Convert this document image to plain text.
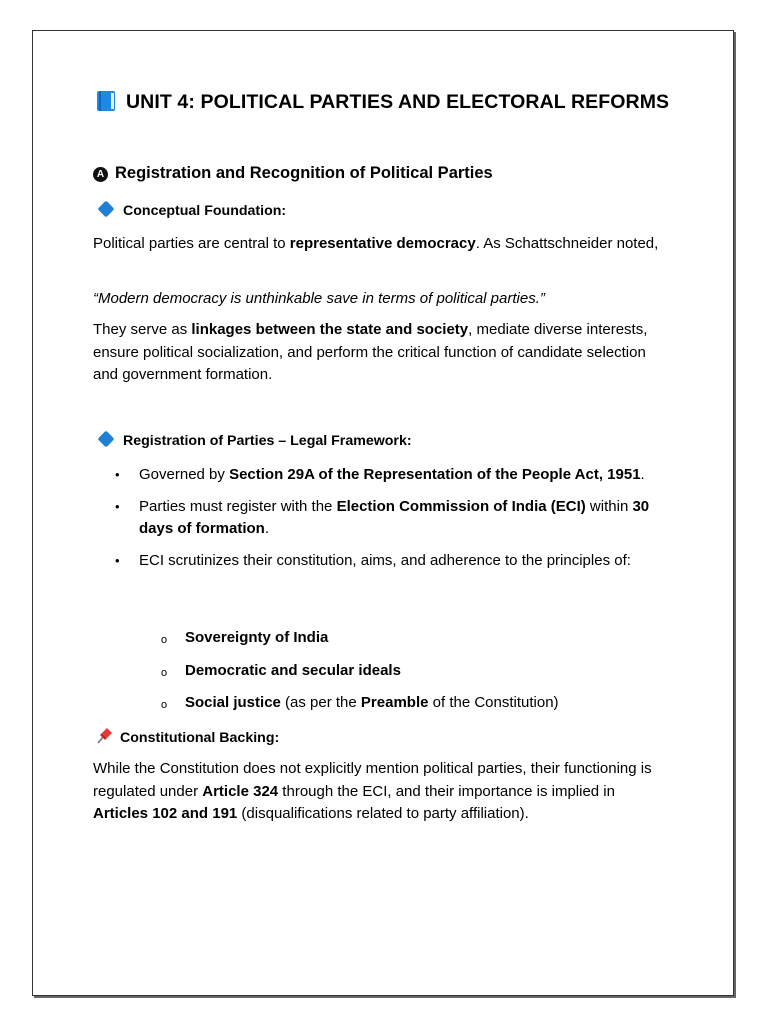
UNIT 4: POLITICAL PARTIES AND ELECTORAL REFORMS
A Registration and Recognition of Political Parties
Conceptual Foundation:
Political parties are central to representative democracy. As Schattschneider noted,
“Modern democracy is unthinkable save in terms of political parties.”
They serve as linkages between the state and society, mediate diverse interests, ensure political socialization, and perform the critical function of candidate selection and government formation.
Registration of Parties – Legal Framework:
• Governed by Section 29A of the Representation of the People Act, 1951.
• Parties must register with the Election Commission of India (ECI) within 30 days of formation.
• ECI scrutinizes their constitution, aims, and adherence to the principles of:
o Sovereignty of India
o Democratic and secular ideals
o Social justice (as per the Preamble of the Constitution)
Constitutional Backing:
While the Constitution does not explicitly mention political parties, their functioning is regulated under Article 324 through the ECI, and their importance is implied in Articles 102 and 191 (disqualifications related to party affiliation).
